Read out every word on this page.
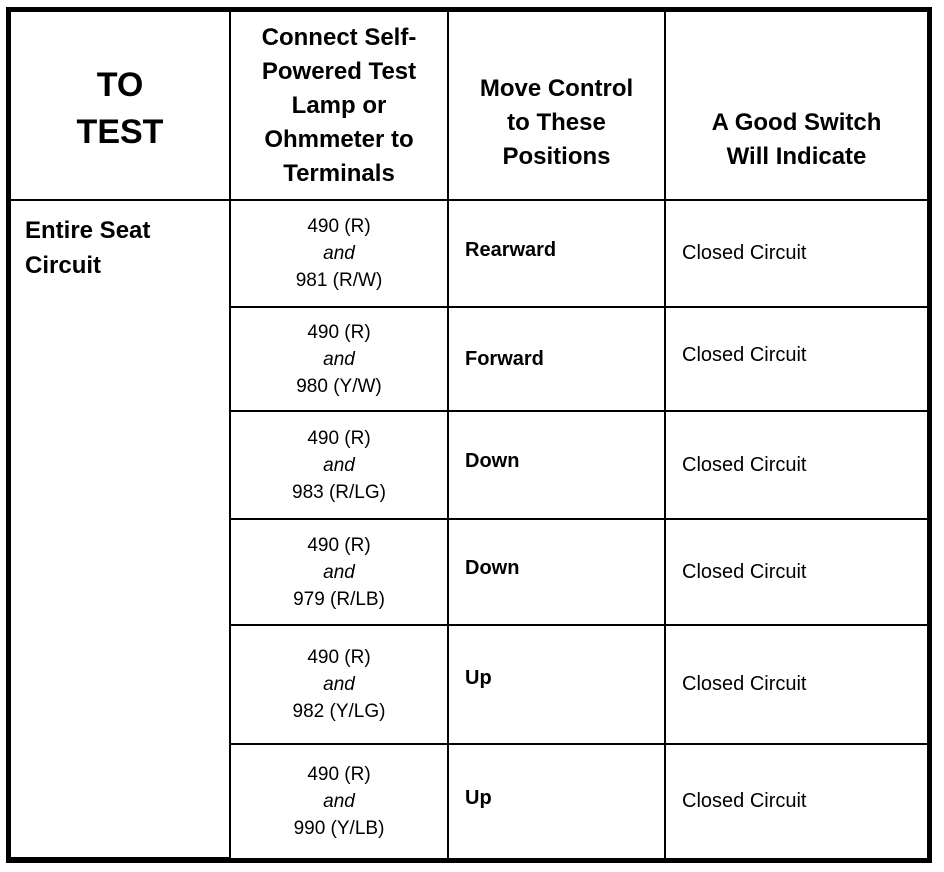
TO
TEST	Connect Self-
Powered Test
Lamp or
Ohmmeter to
Terminals	Move Control
to These
Positions	A Good Switch
Will Indicate

Entire Seat
Circuit	490 (R)
and
981 (R/W)	Rearward	Closed Circuit

	490 (R)
and
980 (Y/W)	Forward	Closed Circuit

	490 (R)
and
983 (R/LG)	Down	Closed Circuit

	490 (R)
and
979 (R/LB)	Down	Closed Circuit

	490 (R)
and
982 (Y/LG)	Up	Closed Circuit

	490 (R)
and
990 (Y/LB)	Up	Closed Circuit
